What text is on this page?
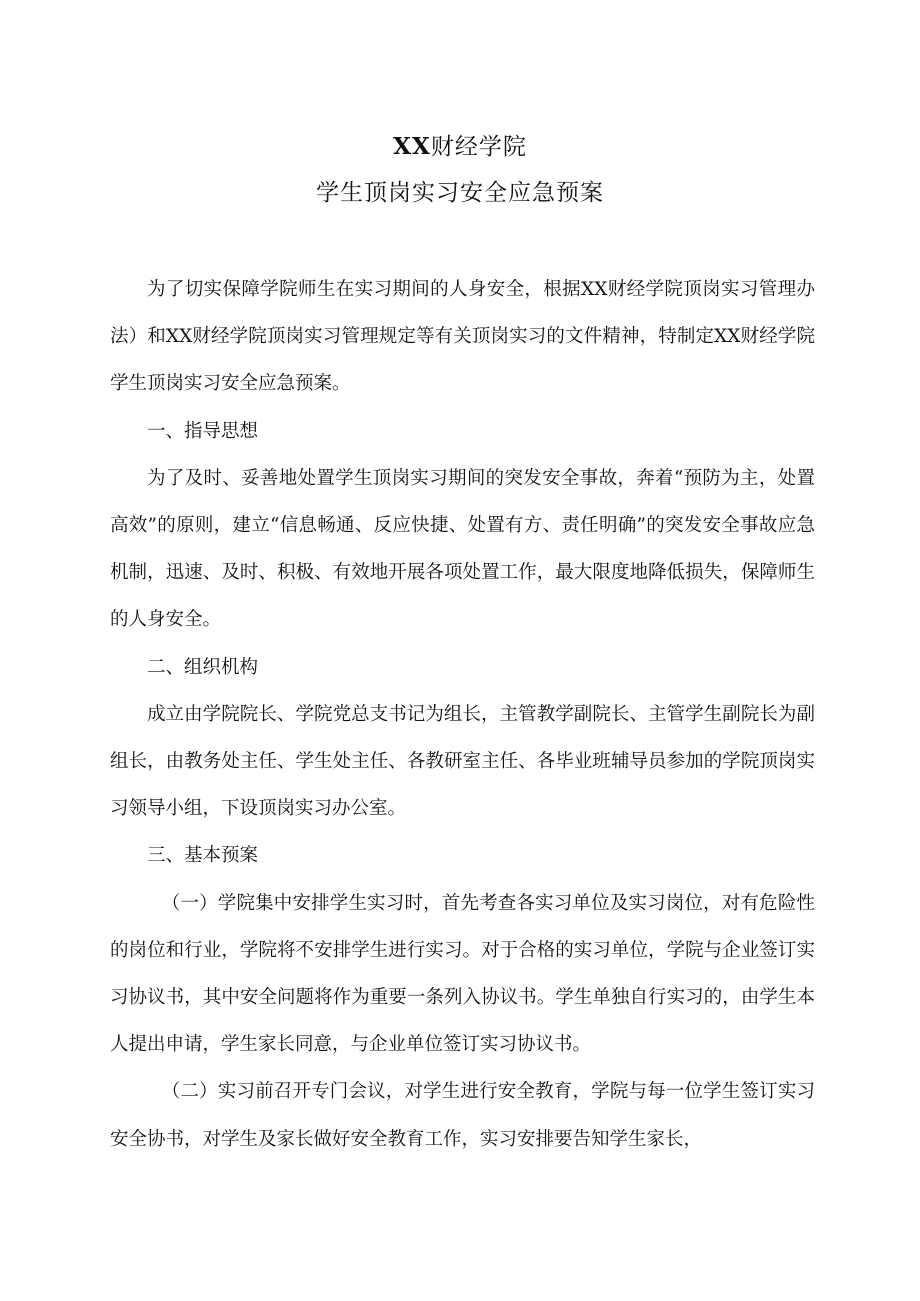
XX财经学院
学生顶岗实习安全应急预案

为了切实保障学院师生在实习期间的人身安全，根据XX财经学院顶岗实习管理办法）和XX财经学院顶岗实习管理规定等有关顶岗实习的文件精神，特制定XX财经学院学生顶岗实习安全应急预案。

一、指导思想

为了及时、妥善地处置学生顶岗实习期间的突发安全事故，奔着“预防为主，处置高效”的原则，建立“信息畅通、反应快捷、处置有方、责任明确”的突发安全事故应急机制，迅速、及时、积极、有效地开展各项处置工作，最大限度地降低损失，保障师生的人身安全。

二、组织机构

成立由学院院长、学院党总支书记为组长，主管教学副院长、主管学生副院长为副组长，由教务处主任、学生处主任、各教研室主任、各毕业班辅导员参加的学院顶岗实习领导小组，下设顶岗实习办公室。

三、基本预案

（一）学院集中安排学生实习时，首先考查各实习单位及实习岗位，对有危险性的岗位和行业，学院将不安排学生进行实习。对于合格的实习单位，学院与企业签订实习协议书，其中安全问题将作为重要一条列入协议书。学生单独自行实习的，由学生本人提出申请，学生家长同意，与企业单位签订实习协议书。

（二）实习前召开专门会议，对学生进行安全教育，学院与每一位学生签订实习安全协书，对学生及家长做好安全教育工作，实习安排要告知学生家长，
